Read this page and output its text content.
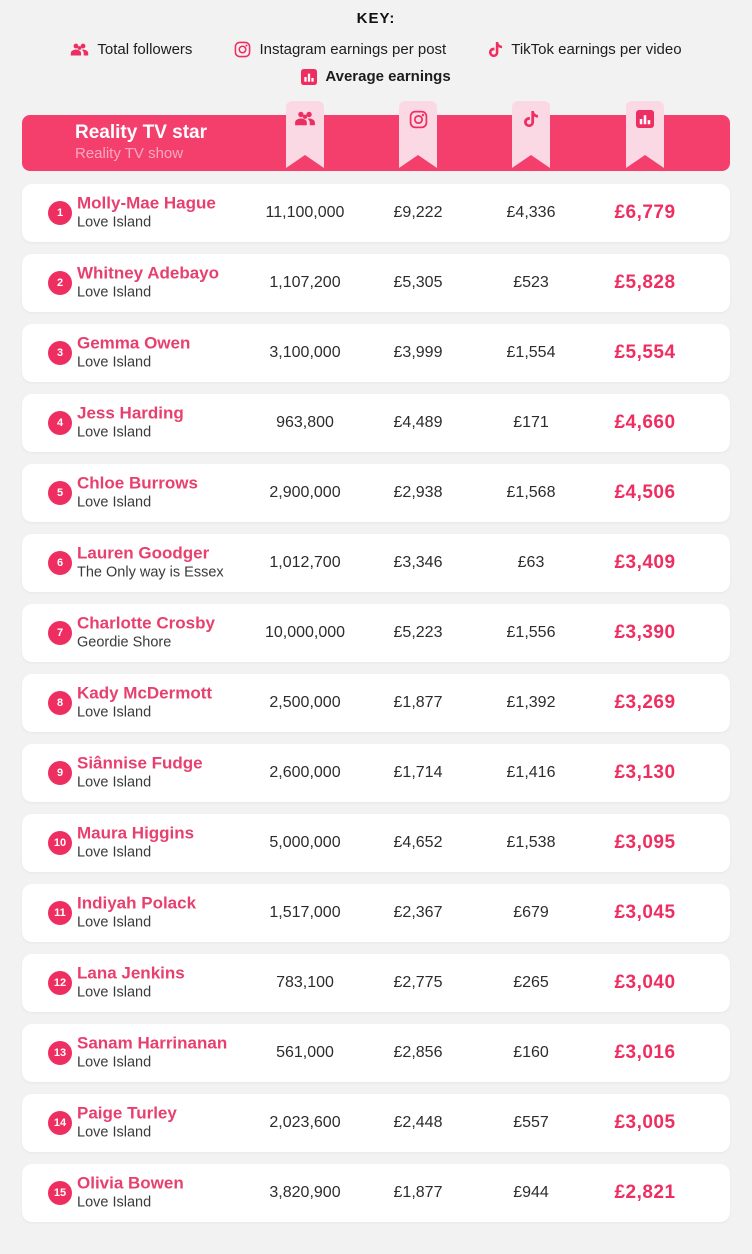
KEY:
Total followers	Instagram earnings per post	TikTok earnings per video
Average earnings
Reality TV star
Reality TV show
1
Molly-Mae Hague
Love Island
11,100,000	£9,222	£4,336	£6,779
2
Whitney Adebayo
Love Island
1,107,200	£5,305	£523	£5,828
3
Gemma Owen
Love Island
3,100,000	£3,999	£1,554	£5,554
4
Jess Harding
Love Island
963,800	£4,489	£171	£4,660
5
Chloe Burrows
Love Island
2,900,000	£2,938	£1,568	£4,506
6
Lauren Goodger
The Only way is Essex
1,012,700	£3,346	£63	£3,409
7
Charlotte Crosby
Geordie Shore
10,000,000	£5,223	£1,556	£3,390
8
Kady McDermott
Love Island
2,500,000	£1,877	£1,392	£3,269
9
Siânnise Fudge
Love Island
2,600,000	£1,714	£1,416	£3,130
10
Maura Higgins
Love Island
5,000,000	£4,652	£1,538	£3,095
11
Indiyah Polack
Love Island
1,517,000	£2,367	£679	£3,045
12
Lana Jenkins
Love Island
783,100	£2,775	£265	£3,040
13
Sanam Harrinanan
Love Island
561,000	£2,856	£160	£3,016
14
Paige Turley
Love Island
2,023,600	£2,448	£557	£3,005
15
Olivia Bowen
Love Island
3,820,900	£1,877	£944	£2,821
